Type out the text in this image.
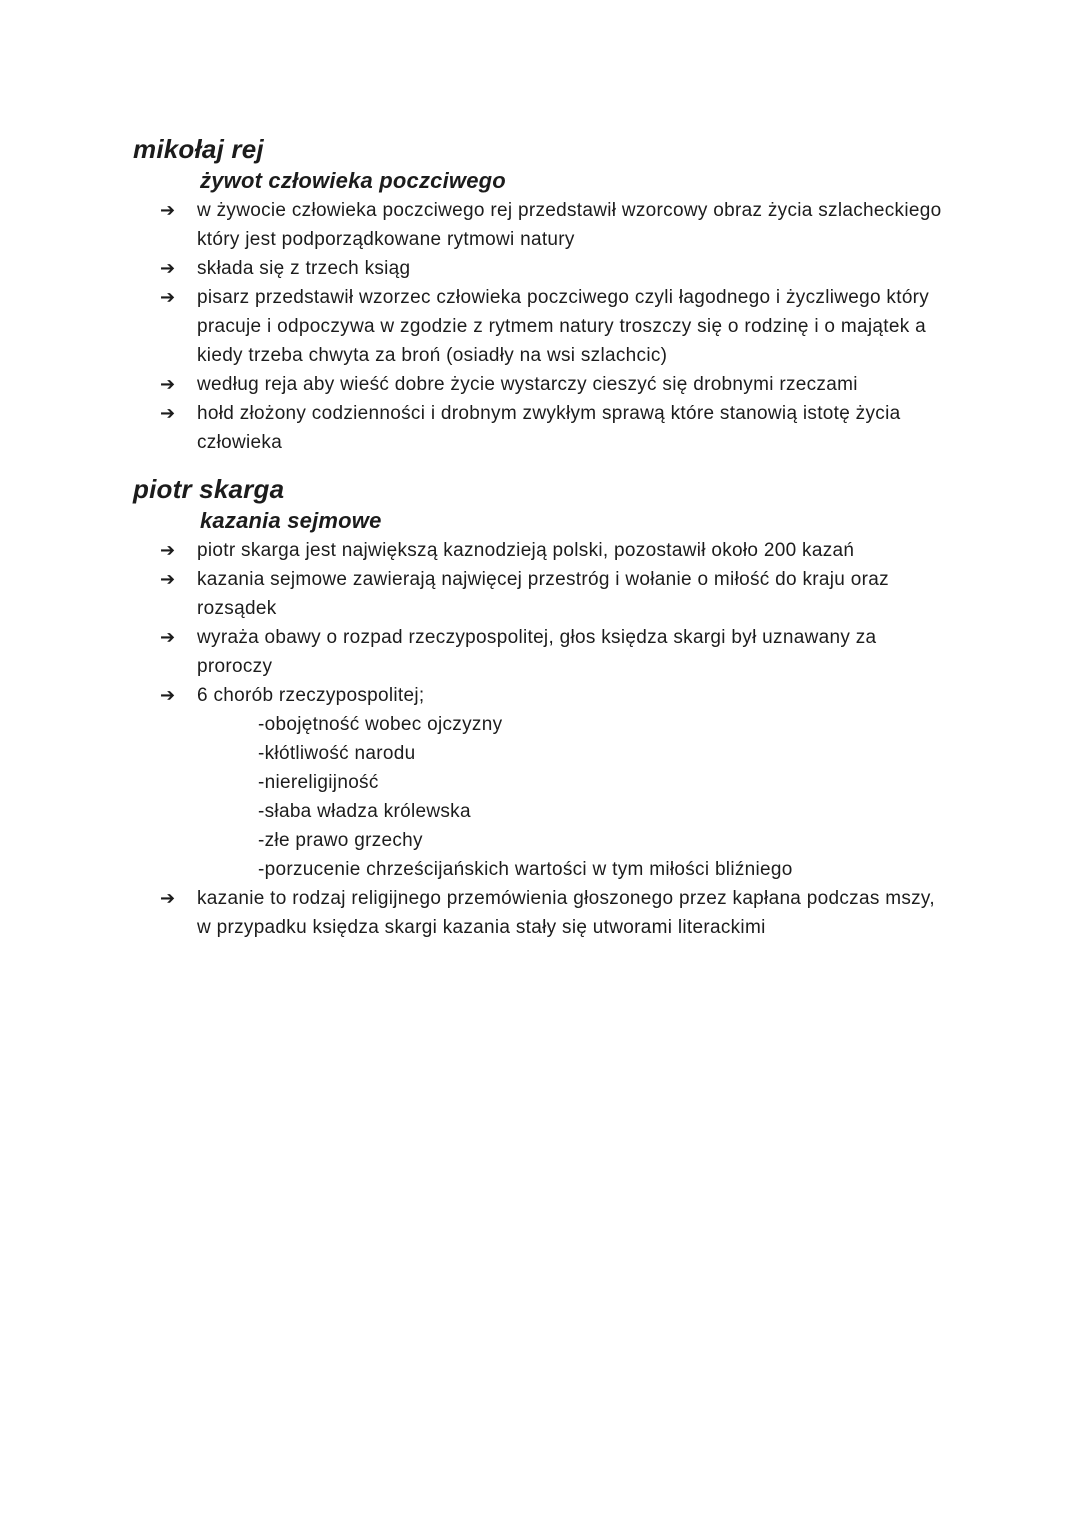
mikołaj rej
żywot człowieka poczciwego
➔	w żywocie człowieka poczciwego rej przedstawił wzorcowy obraz życia szlacheckiego który jest podporządkowane rytmowi natury
➔	składa się z trzech ksiąg
➔	pisarz przedstawił wzorzec człowieka poczciwego czyli łagodnego i życzliwego który pracuje i odpoczywa w zgodzie z rytmem natury troszczy się o rodzinę i o majątek a kiedy trzeba chwyta za broń (osiadły na wsi szlachcic)
➔	według reja aby wieść dobre życie wystarczy cieszyć się drobnymi rzeczami
➔	hołd złożony codzienności i drobnym zwykłym sprawą które stanowią istotę życia człowieka
piotr skarga
kazania sejmowe
➔	piotr skarga jest największą kaznodzieją polski, pozostawił około 200 kazań
➔	kazania sejmowe zawierają najwięcej przestróg i wołanie o miłość do kraju oraz rozsądek
➔	wyraża obawy o rozpad rzeczypospolitej, głos księdza skargi był uznawany za proroczy
➔	6 chorób rzeczypospolitej;
-obojętność wobec ojczyzny
-kłótliwość narodu
-niereligijność
-słaba władza królewska
-złe prawo grzechy
-porzucenie chrześcijańskich wartości w tym miłości bliźniego
➔	kazanie to rodzaj religijnego przemówienia głoszonego przez kapłana podczas mszy, w przypadku księdza skargi kazania stały się utworami literackimi
